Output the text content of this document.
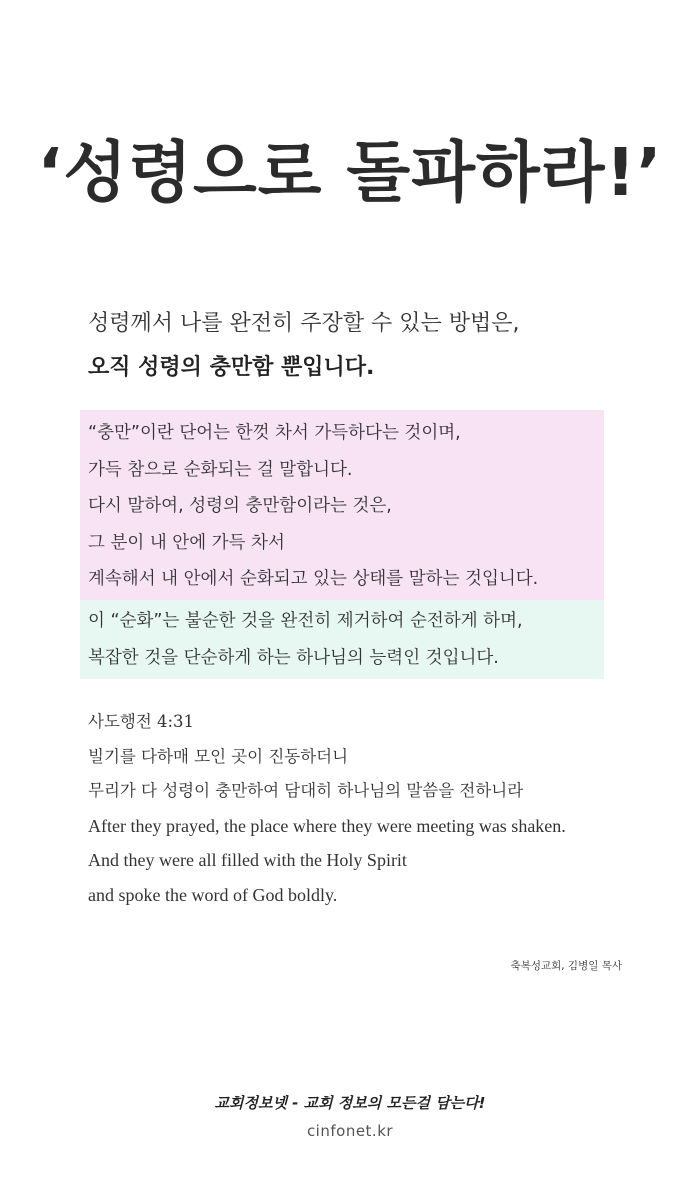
‘성령으로 돌파하라!’
성령께서 나를 완전히 주장할 수 있는 방법은,
오직 성령의 충만함 뿐입니다.
“충만”이란 단어는 한껏 차서 가득하다는 것이며,
가득 참으로 순화되는 걸 말합니다.
다시 말하여, 성령의 충만함이라는 것은,
그 분이 내 안에 가득 차서
계속해서 내 안에서 순화되고 있는 상태를 말하는 것입니다.
이 “순화”는 불순한 것을 완전히 제거하여 순전하게 하며,
복잡한 것을 단순하게 하는 하나님의 능력인 것입니다.
사도행전 4:31
빌기를 다하매 모인 곳이 진동하더니
무리가 다 성령이 충만하여 담대히 하나님의 말씀을 전하니라
After they prayed, the place where they were meeting was shaken.
And they were all filled with the Holy Spirit
and spoke the word of God boldly.
축복성교회, 김병일 목사
교회정보넷 - 교회 정보의 모든걸 담는다!
cinfonet.kr
